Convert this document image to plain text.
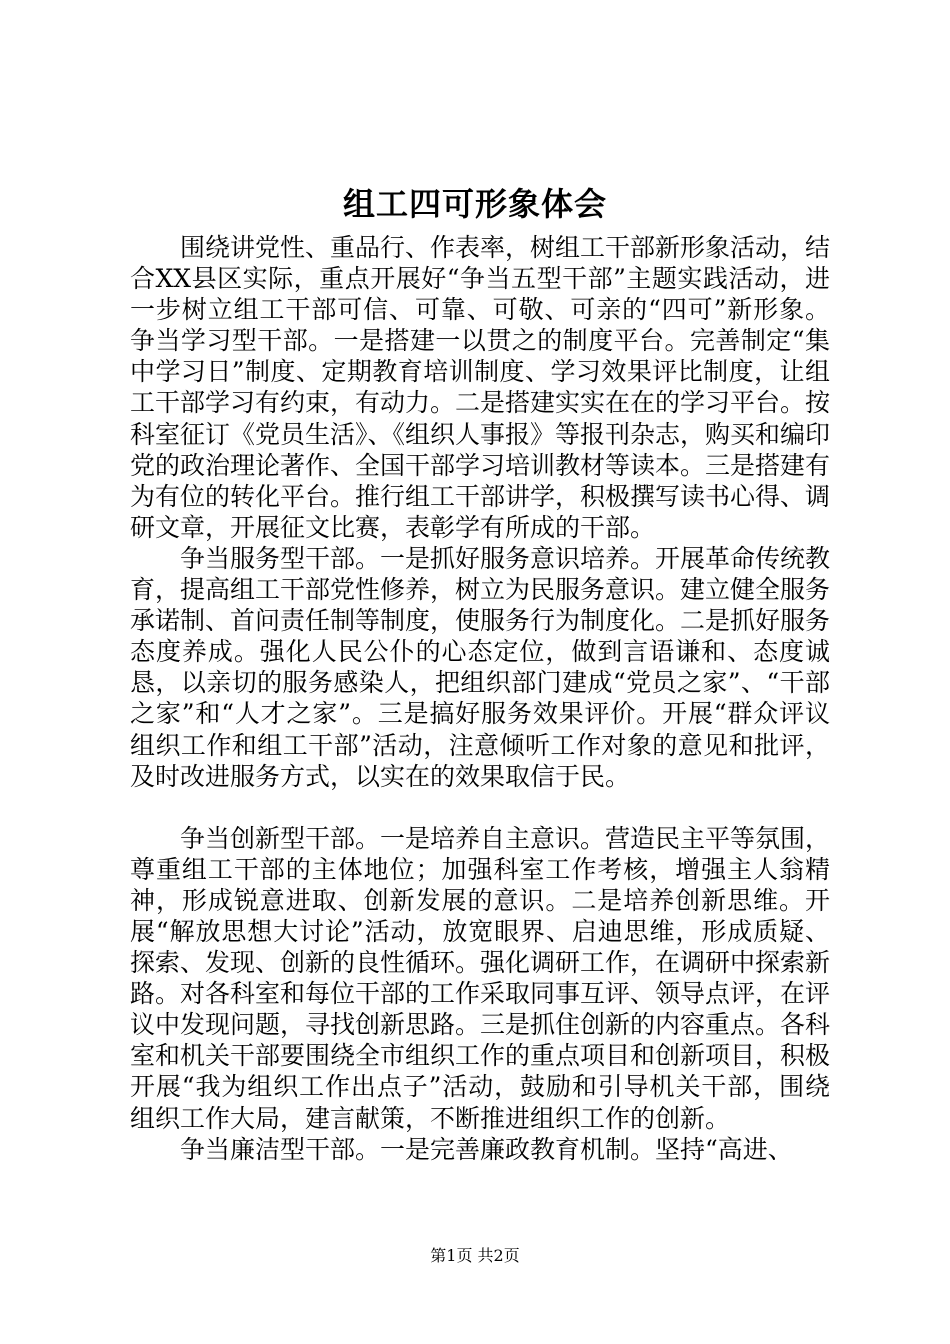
组工四可形象体会

围绕讲党性、重品行、作表率，树组工干部新形象活动，结合XX县区实际，重点开展好“争当五型干部”主题实践活动，进一步树立组工干部可信、可靠、可敬、可亲的“四可”新形象。争当学习型干部。一是搭建一以贯之的制度平台。完善制定“集中学习日”制度、定期教育培训制度、学习效果评比制度，让组工干部学习有约束，有动力。二是搭建实实在在的学习平台。按科室征订《党员生活》、《组织人事报》等报刊杂志，购买和编印党的政治理论著作、全国干部学习培训教材等读本。三是搭建有为有位的转化平台。推行组工干部讲学，积极撰写读书心得、调研文章，开展征文比赛，表彰学有所成的干部。

争当服务型干部。一是抓好服务意识培养。开展革命传统教育，提高组工干部党性修养，树立为民服务意识。建立健全服务承诺制、首问责任制等制度，使服务行为制度化。二是抓好服务态度养成。强化人民公仆的心态定位，做到言语谦和、态度诚恳，以亲切的服务感染人，把组织部门建成“党员之家”、“干部之家”和“人才之家”。三是搞好服务效果评价。开展“群众评议组织工作和组工干部”活动，注意倾听工作对象的意见和批评，及时改进服务方式，以实在的效果取信于民。

争当创新型干部。一是培养自主意识。营造民主平等氛围，尊重组工干部的主体地位；加强科室工作考核，增强主人翁精神，形成锐意进取、创新发展的意识。二是培养创新思维。开展“解放思想大讨论”活动，放宽眼界、启迪思维，形成质疑、探索、发现、创新的良性循环。强化调研工作，在调研中探索新路。对各科室和每位干部的工作采取同事互评、领导点评，在评议中发现问题，寻找创新思路。三是抓住创新的内容重点。各科室和机关干部要围绕全市组织工作的重点项目和创新项目，积极开展“我为组织工作出点子”活动，鼓励和引导机关干部，围绕组织工作大局，建言献策，不断推进组织工作的创新。

争当廉洁型干部。一是完善廉政教育机制。坚持“高进、

第1页 共2页
